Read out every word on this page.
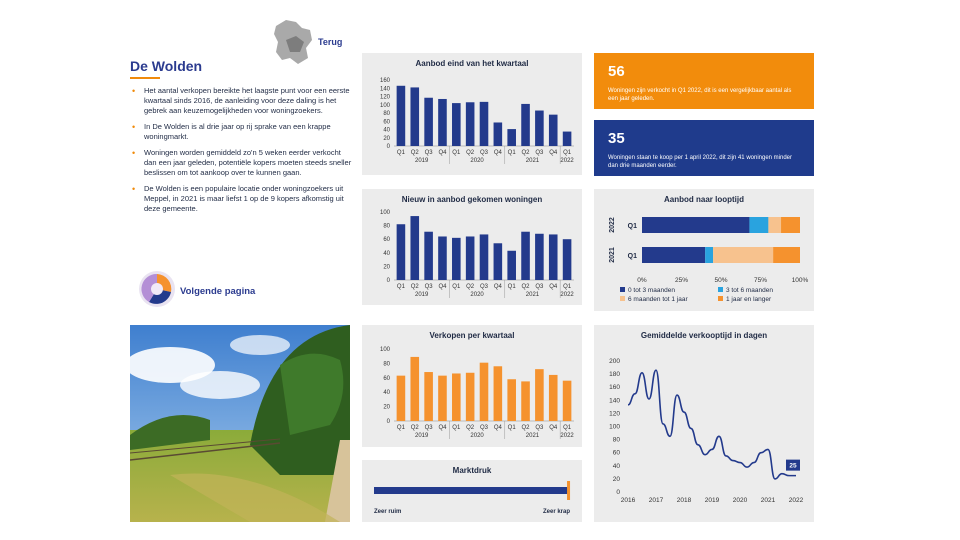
Terug
De Wolden
• Het aantal verkopen bereikte het laagste punt voor een eerste kwartaal sinds 2016, de aanleiding voor deze daling is het gebrek aan keuzemogelijkheden voor woningzoekers.
• In De Wolden is al drie jaar op rij sprake van een krappe woningmarkt.
• Woningen worden gemiddeld zo'n 5 weken eerder verkocht dan een jaar geleden, potentiële kopers moeten steeds sneller beslissen om tot aankoop over te kunnen gaan.
• De Wolden is een populaire locatie onder woningzoekers uit Meppel, in 2021 is maar liefst 1 op de 9 kopers afkomstig uit deze gemeente.
Volgende pagina
Aanbod eind van het kwartaal
0
20
40
60
80
100
120
140
160
Q1 Q2 Q3 Q4 Q1 Q2 Q3 Q4 Q1 Q2 Q3 Q4 Q1
2019	2020	2021	2022
Nieuw in aanbod gekomen woningen
0
20
40
60
80
100
Q1 Q2 Q3 Q4 Q1 Q2 Q3 Q4 Q1 Q2 Q3 Q4 Q1
2019	2020	2021	2022
Verkopen per kwartaal
0
20
40
60
80
100
Q1 Q2 Q3 Q4 Q1 Q2 Q3 Q4 Q1 Q2 Q3 Q4 Q1
2019	2020	2021	2022
Marktdruk
Zeer ruim	Zeer krap
56
Woningen zijn verkocht in Q1 2022, dit is een vergelijkbaar aantal als een jaar geleden.
35
Woningen staan te koop per 1 april 2022, dit zijn 41 woningen minder dan drie maanden eerder.
Aanbod naar looptijd
Q1
2022
Q1
2021
0%	25%	50%	75%	100%
0 tot 3 maanden	3 tot 6 maanden
6 maanden tot 1 jaar	1 jaar en langer
Gemiddelde verkooptijd in dagen
0
20
40
60
80
100
120
140
160
180
200
2016 2017 2018 2019 2020 2021 2022
25
